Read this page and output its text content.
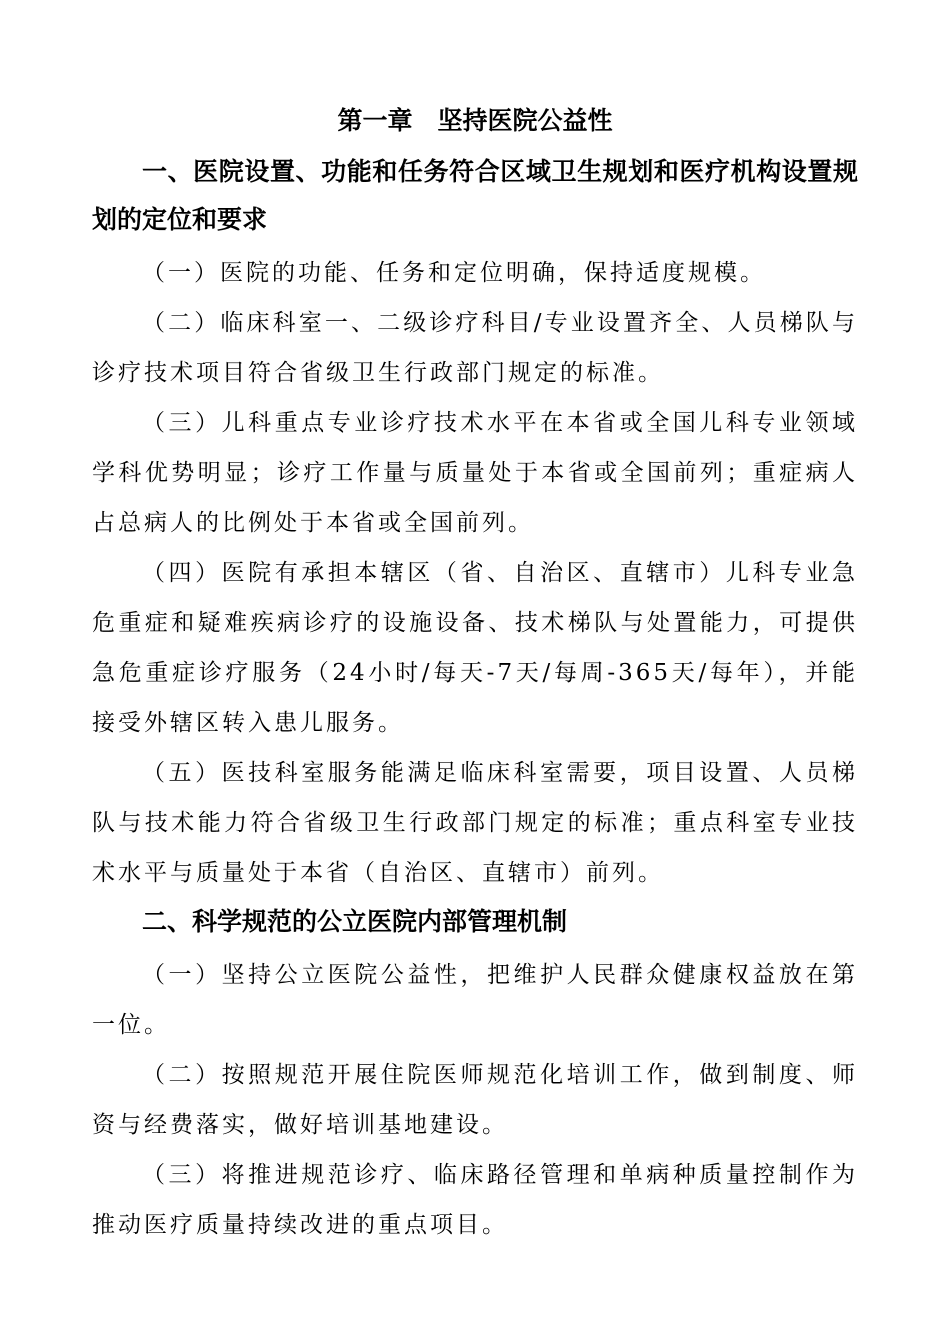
第一章　坚持医院公益性
一、医院设置、功能和任务符合区域卫生规划和医疗机构设置规划的定位和要求

（一）医院的功能、任务和定位明确，保持适度规模。

（二）临床科室一、二级诊疗科目/专业设置齐全、人员梯队与诊疗技术项目符合省级卫生行政部门规定的标准。

（三）儿科重点专业诊疗技术水平在本省或全国儿科专业领域学科优势明显；诊疗工作量与质量处于本省或全国前列；重症病人占总病人的比例处于本省或全国前列。

（四）医院有承担本辖区（省、自治区、直辖市）儿科专业急危重症和疑难疾病诊疗的设施设备、技术梯队与处置能力，可提供急危重症诊疗服务（24小时/每天-7天/每周-365天/每年），并能接受外辖区转入患儿服务。

（五）医技科室服务能满足临床科室需要，项目设置、人员梯队与技术能力符合省级卫生行政部门规定的标准；重点科室专业技术水平与质量处于本省（自治区、直辖市）前列。

二、科学规范的公立医院内部管理机制

（一）坚持公立医院公益性，把维护人民群众健康权益放在第一位。

（二）按照规范开展住院医师规范化培训工作，做到制度、师资与经费落实，做好培训基地建设。

（三）将推进规范诊疗、临床路径管理和单病种质量控制作为推动医疗质量持续改进的重点项目。
